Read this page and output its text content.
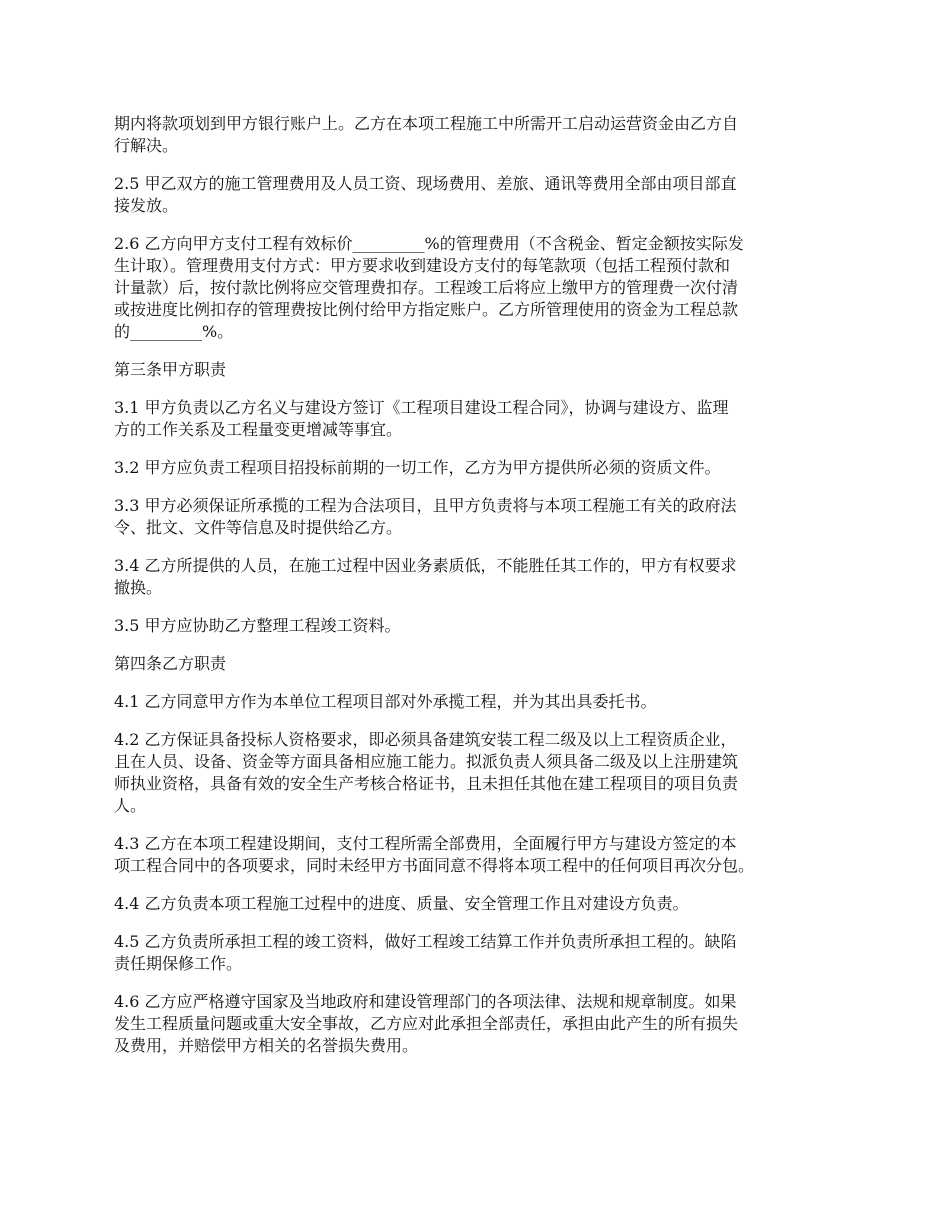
期内将款项划到甲方银行账户上。乙方在本项工程施工中所需开工启动运营资金由乙方自
行解决。

2.5 甲乙双方的施工管理费用及人员工资、现场费用、差旅、通讯等费用全部由项目部直
接发放。

2.6 乙方向甲方支付工程有效标价_________%的管理费用（不含税金、暂定金额按实际发
生计取）。管理费用支付方式：甲方要求收到建设方支付的每笔款项（包括工程预付款和
计量款）后，按付款比例将应交管理费扣存。工程竣工后将应上缴甲方的管理费一次付清
或按进度比例扣存的管理费按比例付给甲方指定账户。乙方所管理使用的资金为工程总款
的_________%。

第三条甲方职责

3.1 甲方负责以乙方名义与建设方签订《工程项目建设工程合同》，协调与建设方、监理
方的工作关系及工程量变更增减等事宜。

3.2 甲方应负责工程项目招投标前期的一切工作，乙方为甲方提供所必须的资质文件。

3.3 甲方必须保证所承揽的工程为合法项目，且甲方负责将与本项工程施工有关的政府法
令、批文、文件等信息及时提供给乙方。

3.4 乙方所提供的人员，在施工过程中因业务素质低，不能胜任其工作的，甲方有权要求
撤换。

3.5 甲方应协助乙方整理工程竣工资料。

第四条乙方职责

4.1 乙方同意甲方作为本单位工程项目部对外承揽工程，并为其出具委托书。

4.2 乙方保证具备投标人资格要求，即必须具备建筑安装工程二级及以上工程资质企业，
且在人员、设备、资金等方面具备相应施工能力。拟派负责人须具备二级及以上注册建筑
师执业资格，具备有效的安全生产考核合格证书，且未担任其他在建工程项目的项目负责
人。

4.3 乙方在本项工程建设期间，支付工程所需全部费用，全面履行甲方与建设方签定的本
项工程合同中的各项要求，同时未经甲方书面同意不得将本项工程中的任何项目再次分包。

4.4 乙方负责本项工程施工过程中的进度、质量、安全管理工作且对建设方负责。

4.5 乙方负责所承担工程的竣工资料，做好工程竣工结算工作并负责所承担工程的。缺陷
责任期保修工作。

4.6 乙方应严格遵守国家及当地政府和建设管理部门的各项法律、法规和规章制度。如果
发生工程质量问题或重大安全事故，乙方应对此承担全部责任，承担由此产生的所有损失
及费用，并赔偿甲方相关的名誉损失费用。
